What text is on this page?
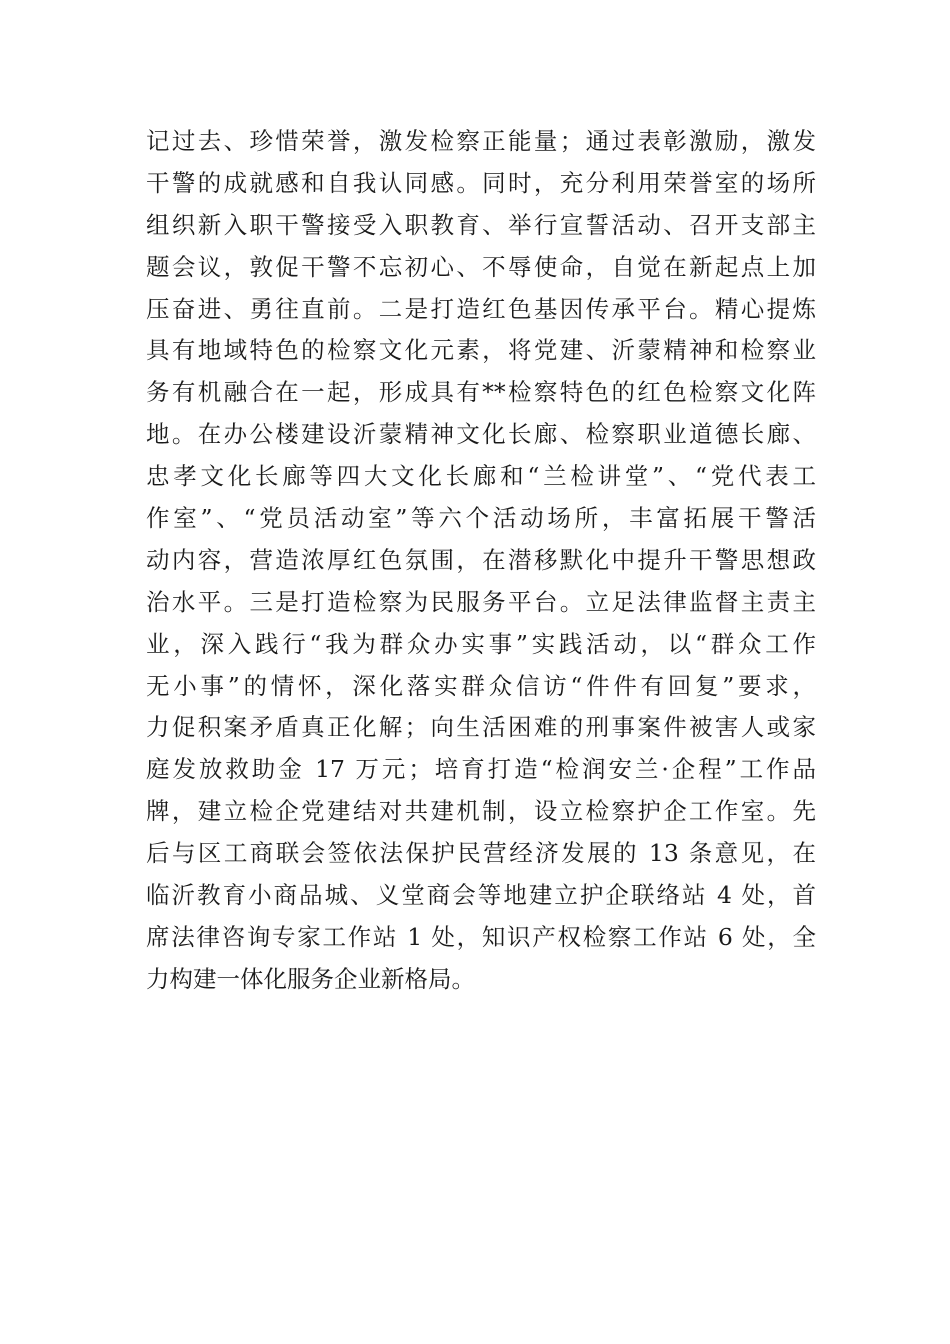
记过去、珍惜荣誉，激发检察正能量；通过表彰激励，激发
干警的成就感和自我认同感。同时，充分利用荣誉室的场所
组织新入职干警接受入职教育、举行宣誓活动、召开支部主
题会议，敦促干警不忘初心、不辱使命，自觉在新起点上加
压奋进、勇往直前。二是打造红色基因传承平台。精心提炼
具有地域特色的检察文化元素，将党建、沂蒙精神和检察业
务有机融合在一起，形成具有**检察特色的红色检察文化阵
地。在办公楼建设沂蒙精神文化长廊、检察职业道德长廊、
忠孝文化长廊等四大文化长廊和“兰检讲堂”、“党代表工
作室”、“党员活动室”等六个活动场所，丰富拓展干警活
动内容，营造浓厚红色氛围，在潜移默化中提升干警思想政
治水平。三是打造检察为民服务平台。立足法律监督主责主
业，深入践行“我为群众办实事”实践活动，以“群众工作
无小事”的情怀，深化落实群众信访“件件有回复”要求，
力促积案矛盾真正化解；向生活困难的刑事案件被害人或家
庭发放救助金 17 万元；培育打造“检润安兰·企程”工作品
牌，建立检企党建结对共建机制，设立检察护企工作室。先
后与区工商联会签依法保护民营经济发展的 13 条意见，在
临沂教育小商品城、义堂商会等地建立护企联络站 4 处，首
席法律咨询专家工作站 1 处，知识产权检察工作站 6 处，全
力构建一体化服务企业新格局。
